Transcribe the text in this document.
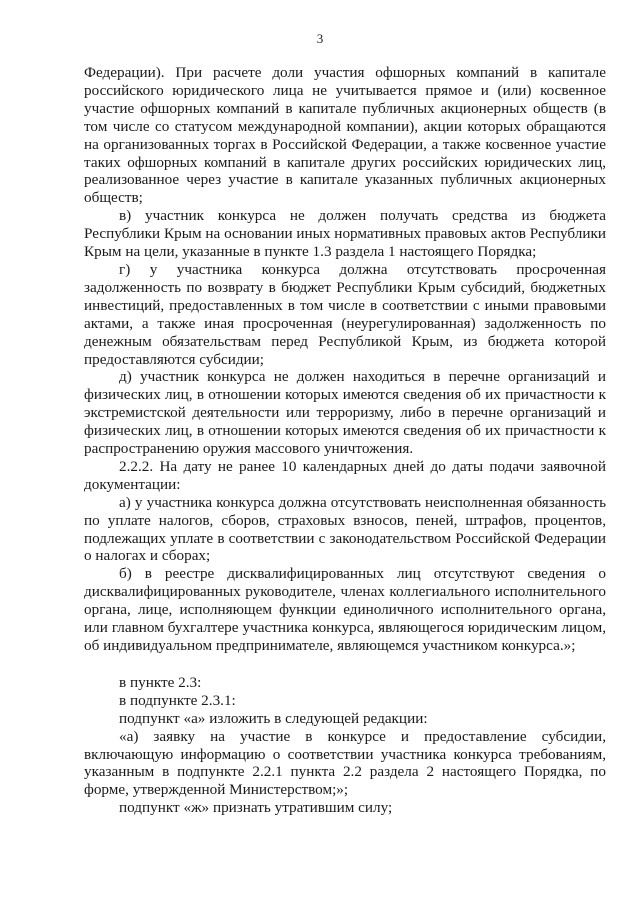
3

Федерации). При расчете доли участия офшорных компаний в капитале российского юридического лица не учитывается прямое и (или) косвенное участие офшорных компаний в капитале публичных акционерных обществ (в том числе со статусом международной компании), акции которых обращаются на организованных торгах в Российской Федерации, а также косвенное участие таких офшорных компаний в капитале других российских юридических лиц, реализованное через участие в капитале указанных публичных акционерных обществ;

в) участник конкурса не должен получать средства из бюджета Республики Крым на основании иных нормативных правовых актов Республики Крым на цели, указанные в пункте 1.3 раздела 1 настоящего Порядка;

г) у участника конкурса должна отсутствовать просроченная задолженность по возврату в бюджет Республики Крым субсидий, бюджетных инвестиций, предоставленных в том числе в соответствии с иными правовыми актами, а также иная просроченная (неурегулированная) задолженность по денежным обязательствам перед Республикой Крым, из бюджета которой предоставляются субсидии;

д) участник конкурса не должен находиться в перечне организаций и физических лиц, в отношении которых имеются сведения об их причастности к экстремистской деятельности или терроризму, либо в перечне организаций и физических лиц, в отношении которых имеются сведения об их причастности к распространению оружия массового уничтожения.

2.2.2. На дату не ранее 10 календарных дней до даты подачи заявочной документации:

а) у участника конкурса должна отсутствовать неисполненная обязанность по уплате налогов, сборов, страховых взносов, пеней, штрафов, процентов, подлежащих уплате в соответствии с законодательством Российской Федерации о налогах и сборах;

б) в реестре дисквалифицированных лиц отсутствуют сведения о дисквалифицированных руководителе, членах коллегиального исполнительного органа, лице, исполняющем функции единоличного исполнительного органа, или главном бухгалтере участника конкурса, являющегося юридическим лицом, об индивидуальном предпринимателе, являющемся участником конкурса.»;

в пункте 2.3:

в подпункте 2.3.1:

подпункт «а» изложить в следующей редакции:

«а) заявку на участие в конкурсе и предоставление субсидии, включающую информацию о соответствии участника конкурса требованиям, указанным в подпункте 2.2.1 пункта 2.2 раздела 2 настоящего Порядка, по форме, утвержденной Министерством;»;

подпункт «ж» признать утратившим силу;
